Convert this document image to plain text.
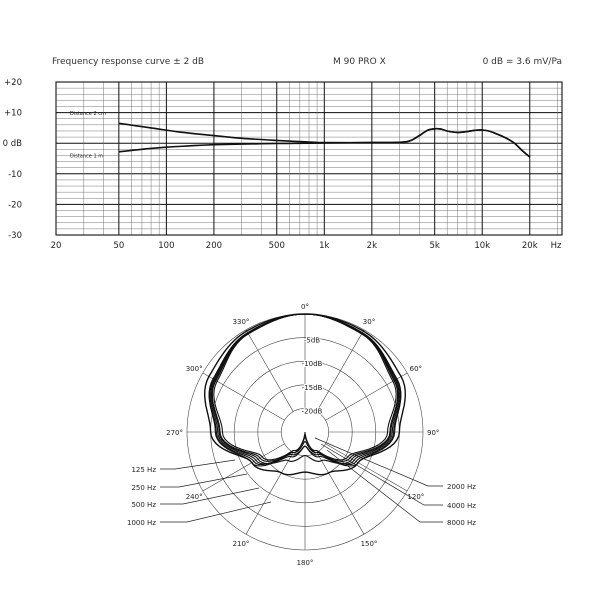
Frequency response curve ± 2 dB	M 90 PRO X	0 dB = 3.6 mV/Pa
+20
+10
0 dB
-10
-20
-30
20	50	100	200	500	1k	2k	5k	10k	20k Hz
Distance 2 cm
Distance 1 m
0°
30°
60°
90°
120°
150°
180°
210°
240°
270°
300°
330°
-5dB
-10dB
-15dB
-20dB
125 Hz
250 Hz
500 Hz
1000 Hz
2000 Hz
4000 Hz
8000 Hz
